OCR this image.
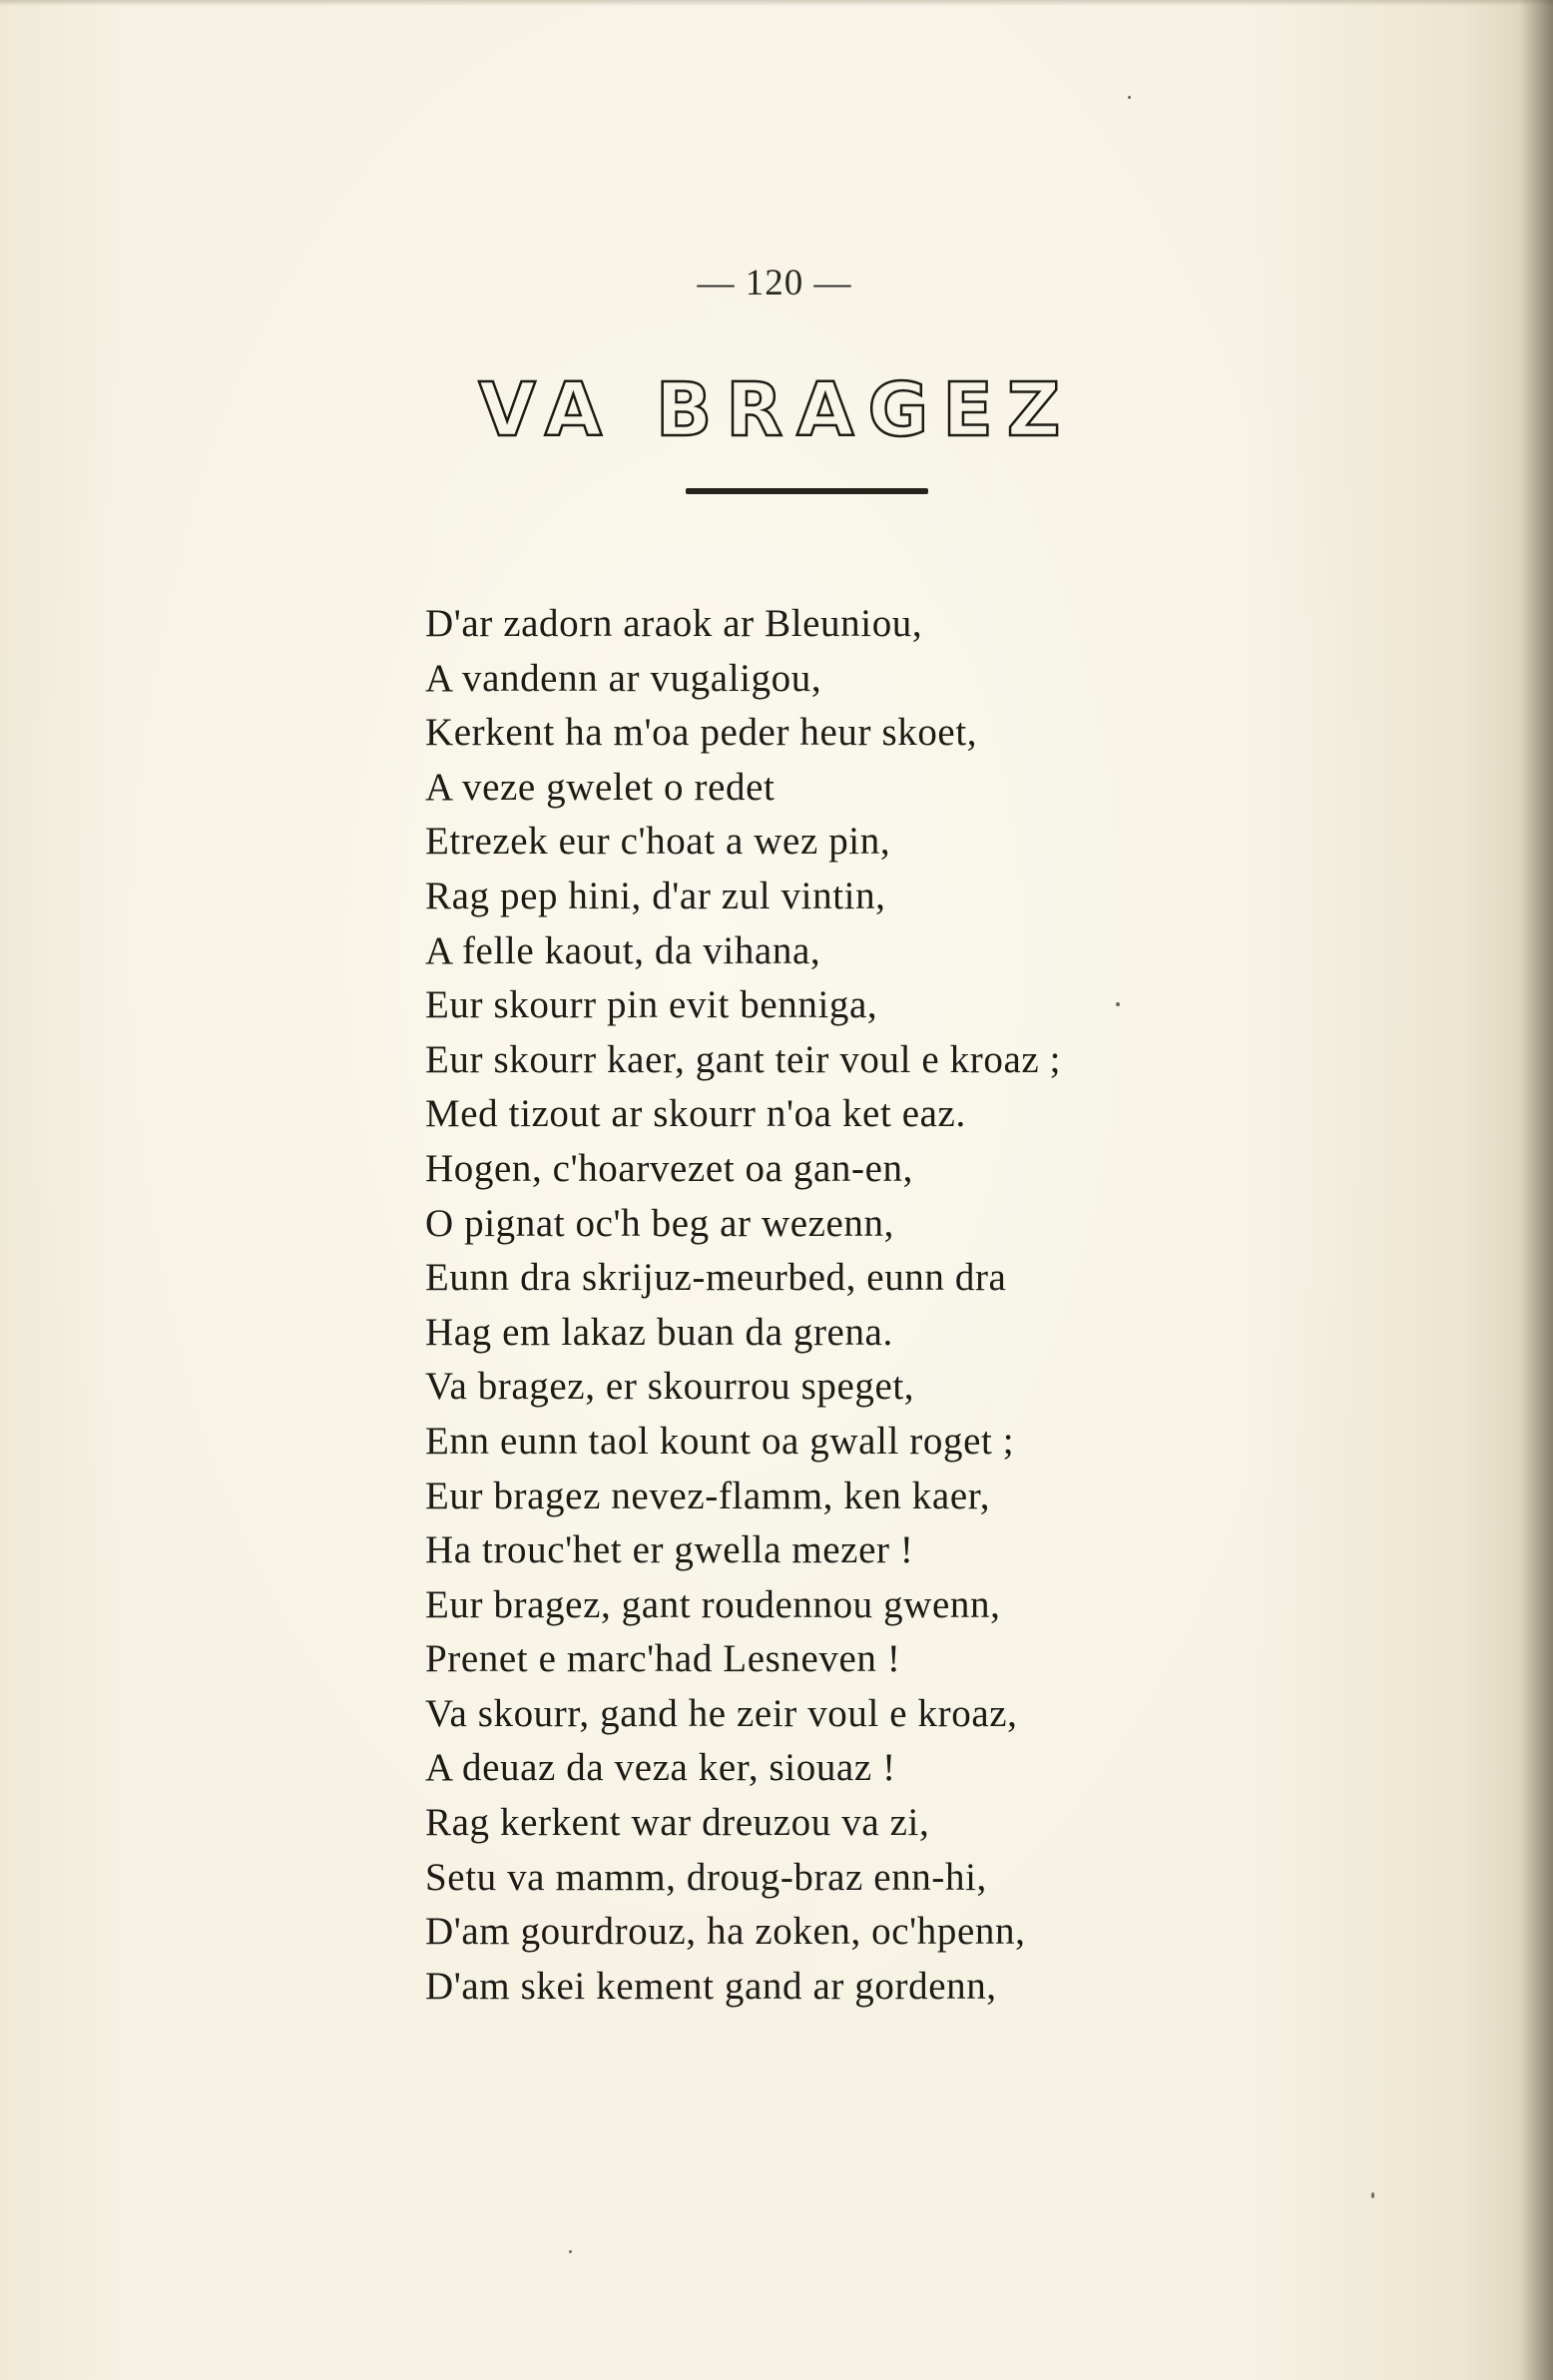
— 120 —
VA BRAGEZ
D'ar zadorn araok ar Bleuniou,
A vandenn ar vugaligou,
Kerkent ha m'oa peder heur skoet,
A veze gwelet o redet
Etrezek eur c'hoat a wez pin,
Rag pep hini, d'ar zul vintin,
A felle kaout, da vihana,
Eur skourr pin evit benniga,
Eur skourr kaer, gant teir voul e kroaz ;
Med tizout ar skourr n'oa ket eaz.
Hogen, c'hoarvezet oa gan-en,
O pignat oc'h beg ar wezenn,
Eunn dra skrijuz-meurbed, eunn dra
Hag em lakaz buan da grena.
Va bragez, er skourrou speget,
Enn eunn taol kount oa gwall roget ;
Eur bragez nevez-flamm, ken kaer,
Ha trouc'het er gwella mezer !
Eur bragez, gant roudennou gwenn,
Prenet e marc'had Lesneven !
Va skourr, gand he zeir voul e kroaz,
A deuaz da veza ker, siouaz !
Rag kerkent war dreuzou va zi,
Setu va mamm, droug-braz enn-hi,
D'am gourdrouz, ha zoken, oc'hpenn,
D'am skei kement gand ar gordenn,
